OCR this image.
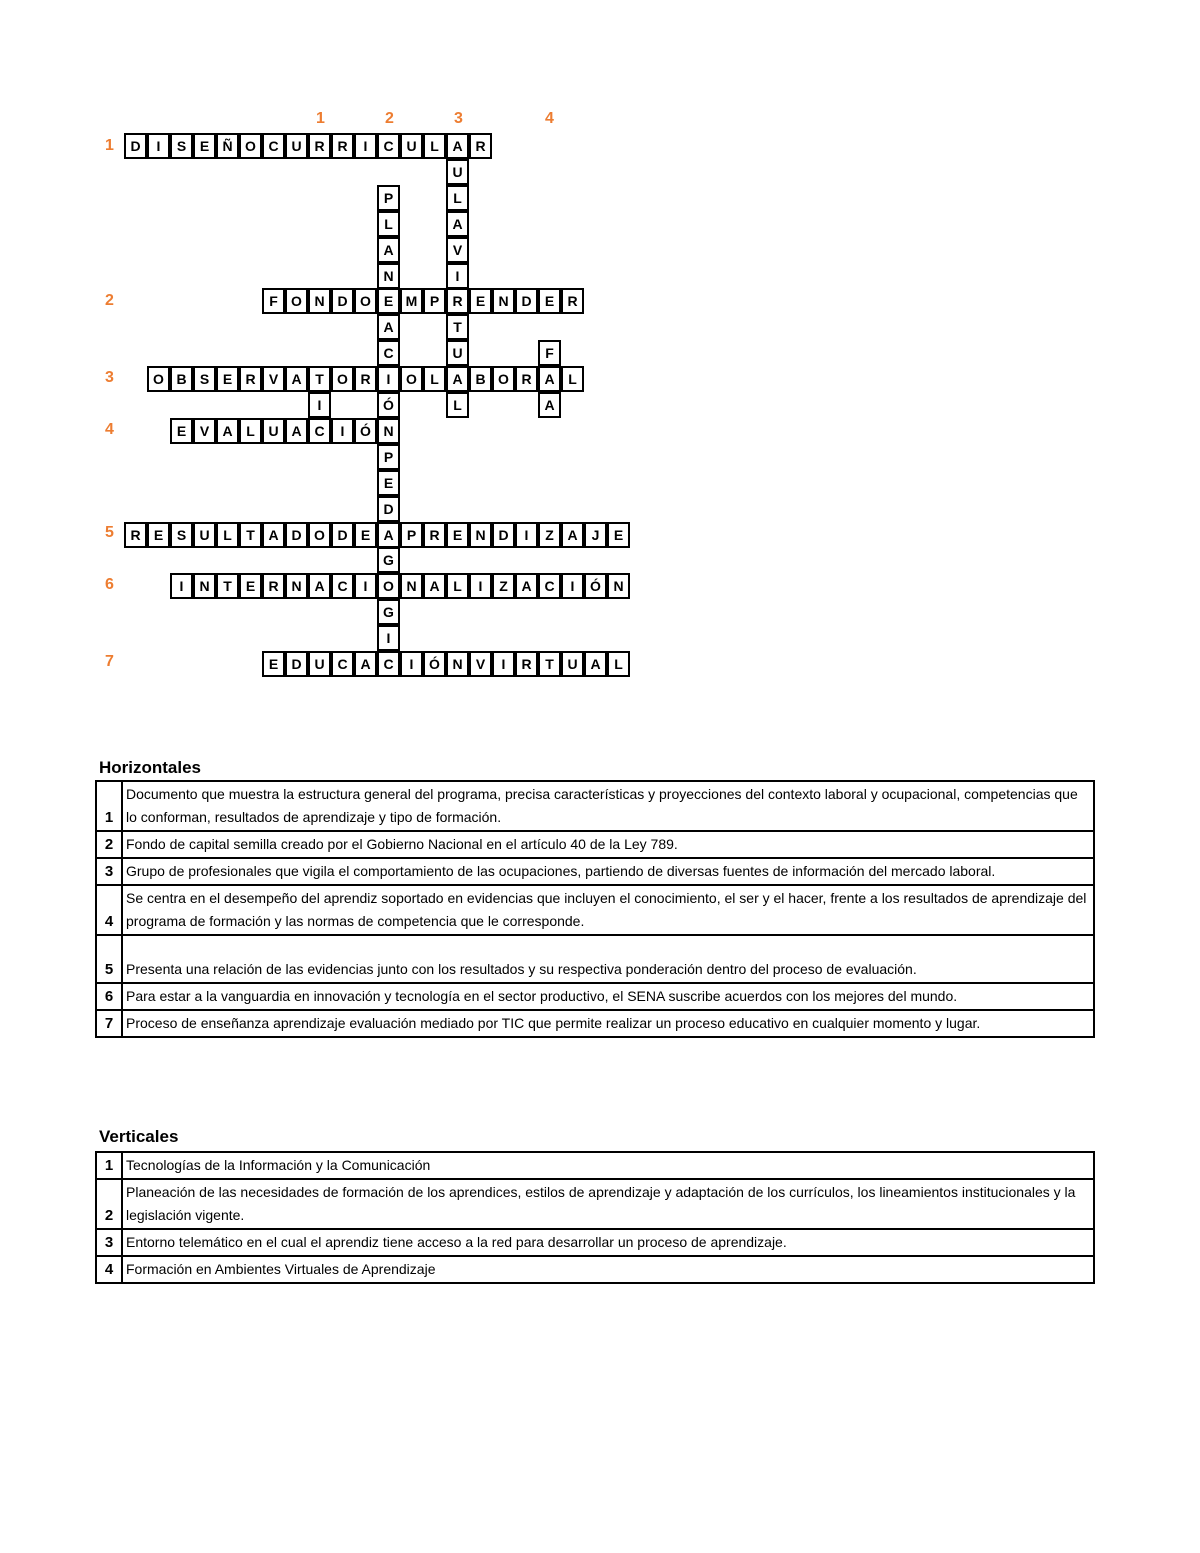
1	2	3	4
1
2
3
4
5
6
7
D	I	S E Ñ O C U R R	I	C U L A R
F O N D O E M P R E N D E R
O B S E R V A T O R	I	O L A B O R A L
E V A L U A C	I	Ó N
R E S U L	T A D O D E A P R E N D	I	Z A	J	E
I	N T	E R N A C	I	O N A L	I	Z A C	I	Ó N
E D U C A C	I	Ó N V	I	R T U A L
I
P
L
A
N
A
C
Ó
P
E
D
G
G
I
U
L
A
V
I
T
U
L
F
A
Horizontales
1	Documento que muestra la estructura general del programa, precisa características y proyecciones del contexto laboral y ocupacional, competencias que lo conforman, resultados de aprendizaje y tipo de formación.
2	Fondo de capital semilla creado por el Gobierno Nacional en el artículo 40 de la Ley 789.
3	Grupo de profesionales que vigila el comportamiento de las ocupaciones, partiendo de diversas fuentes de información del mercado laboral.
4	Se centra en el desempeño del aprendiz soportado en evidencias que incluyen el conocimiento, el ser y el hacer, frente a los resultados de aprendizaje del programa de formación y las normas de competencia que le corresponde.
5	Presenta una relación de las evidencias junto con los resultados y su respectiva ponderación dentro del proceso de evaluación.
6	Para estar a la vanguardia en innovación y tecnología en el sector productivo, el SENA suscribe acuerdos con los mejores del mundo.
7	Proceso de enseñanza aprendizaje evaluación mediado por TIC que permite realizar un proceso educativo en cualquier momento y lugar.
Verticales
1	Tecnologías de la Información y la Comunicación
2	Planeación de las necesidades de formación de los aprendices, estilos de aprendizaje y adaptación de los currículos, los lineamientos institucionales y la legislación vigente.
3	Entorno telemático en el cual el aprendiz tiene acceso a la red para desarrollar un proceso de aprendizaje.
4	Formación en Ambientes Virtuales de Aprendizaje
